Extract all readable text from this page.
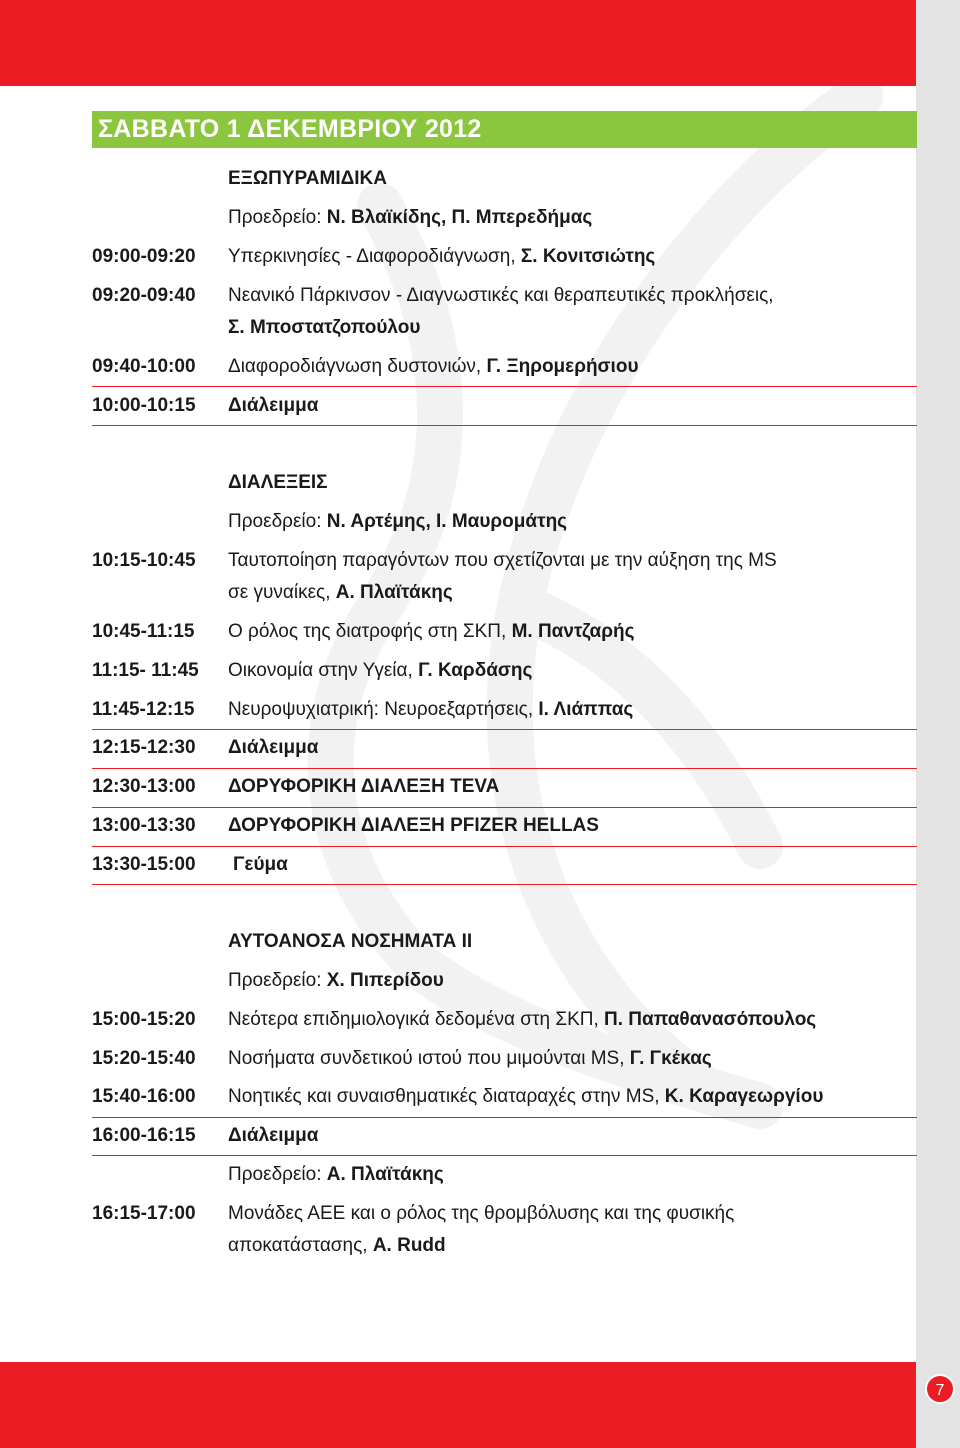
ΣΑΒΒΑΤΟ 1 ΔΕΚΕΜΒΡΙΟΥ 2012
ΕΞΩΠΥΡΑΜΙΔΙΚΑ
Προεδρείο: Ν. Βλαϊκίδης, Π. Μπερεδήμας
09:00-09:20 Υπερκινησίες - Διαφοροδιάγνωση, Σ. Κονιτσιώτης
09:20-09:40 Νεανικό Πάρκινσον - Διαγνωστικές και θεραπευτικές προκλήσεις,
Σ. Μποστατζοπούλου
09:40-10:00 Διαφοροδιάγνωση δυστονιών, Γ. Ξηρομερήσιου
10:00-10:15 Διάλειμμα
ΔΙΑΛΕΞΕΙΣ
Προεδρείο: Ν. Αρτέμης, Ι. Μαυρομάτης
10:15-10:45 Ταυτοποίηση παραγόντων που σχετίζονται με την αύξηση της MS
σε γυναίκες, Α. Πλαϊτάκης
10:45-11:15 Ο ρόλος της διατροφής στη ΣΚΠ, Μ. Παντζαρής
11:15- 11:45 Οικονομία στην Υγεία, Γ. Καρδάσης
11:45-12:15 Νευροψυχιατρική: Νευροεξαρτήσεις, Ι. Λιάππας
12:15-12:30 Διάλειμμα
12:30-13:00 ΔΟΡΥΦΟΡΙΚΗ ΔΙΑΛΕΞΗ TEVA
13:00-13:30 ΔΟΡΥΦΟΡΙΚΗ ΔΙΑΛΕΞΗ PFIZER HELLAS
13:30-15:00 Γεύμα
ΑΥΤΟΑΝΟΣΑ ΝΟΣΗΜΑΤΑ ΙΙ
Προεδρείο: Χ. Πιπερίδου
15:00-15:20 Νεότερα επιδημιολογικά δεδομένα στη ΣΚΠ, Π. Παπαθανασόπουλος
15:20-15:40 Νοσήματα συνδετικού ιστού που μιμούνται MS, Γ. Γκέκας
15:40-16:00 Νοητικές και συναισθηματικές διαταραχές στην MS, Κ. Καραγεωργίου
16:00-16:15 Διάλειμμα
Προεδρείο: Α. Πλαϊτάκης
16:15-17:00 Μονάδες ΑΕΕ και ο ρόλος της θρομβόλυσης και της φυσικής
αποκατάστασης, A. Rudd
7
